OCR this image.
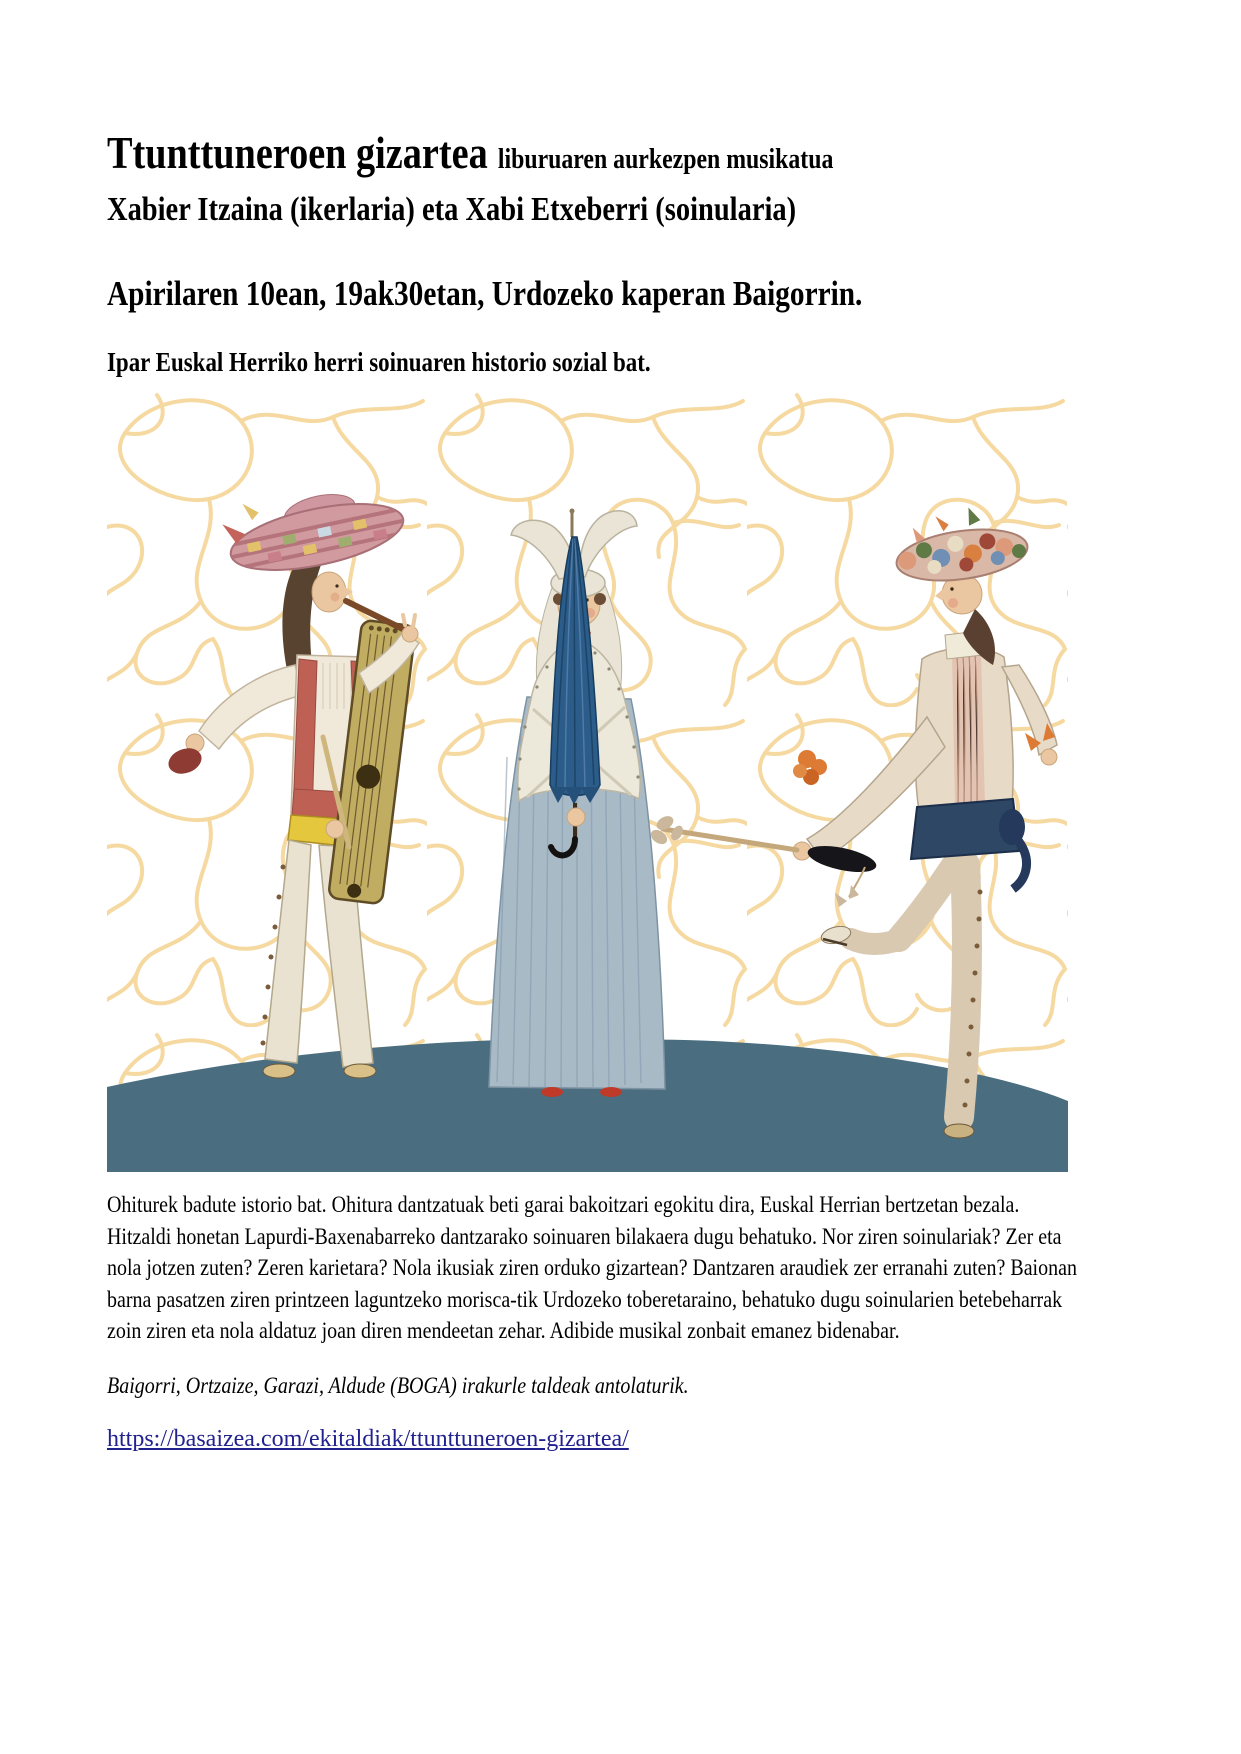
Ttunttuneroen gizartea liburuaren aurkezpen musikatua
Xabier Itzaina (ikerlaria) eta Xabi Etxeberri (soinularia)
Apirilaren 10ean, 19ak30etan, Urdozeko kaperan Baigorrin.
Ipar Euskal Herriko herri soinuaren historio sozial bat.

Ohiturek badute istorio bat. Ohitura dantzatuak beti garai bakoitzari egokitu dira, Euskal Herrian bertzetan bezala. Hitzaldi honetan Lapurdi-Baxenabarreko dantzarako soinuaren bilakaera dugu behatuko. Nor ziren soinulariak? Zer eta nola jotzen zuten? Zeren karietara? Nola ikusiak ziren orduko gizartean? Dantzaren araudiek zer erranahi zuten? Baionan barna pasatzen ziren printzeen laguntzeko morisca-tik Urdozeko toberetaraino, behatuko dugu soinularien betebeharrak zoin ziren eta nola aldatuz joan diren mendeetan zehar. Adibide musikal zonbait emanez bidenabar.

Baigorri, Ortzaize, Garazi, Aldude (BOGA) irakurle taldeak antolaturik.

https://basaizea.com/ekitaldiak/ttunttuneroen-gizartea/
